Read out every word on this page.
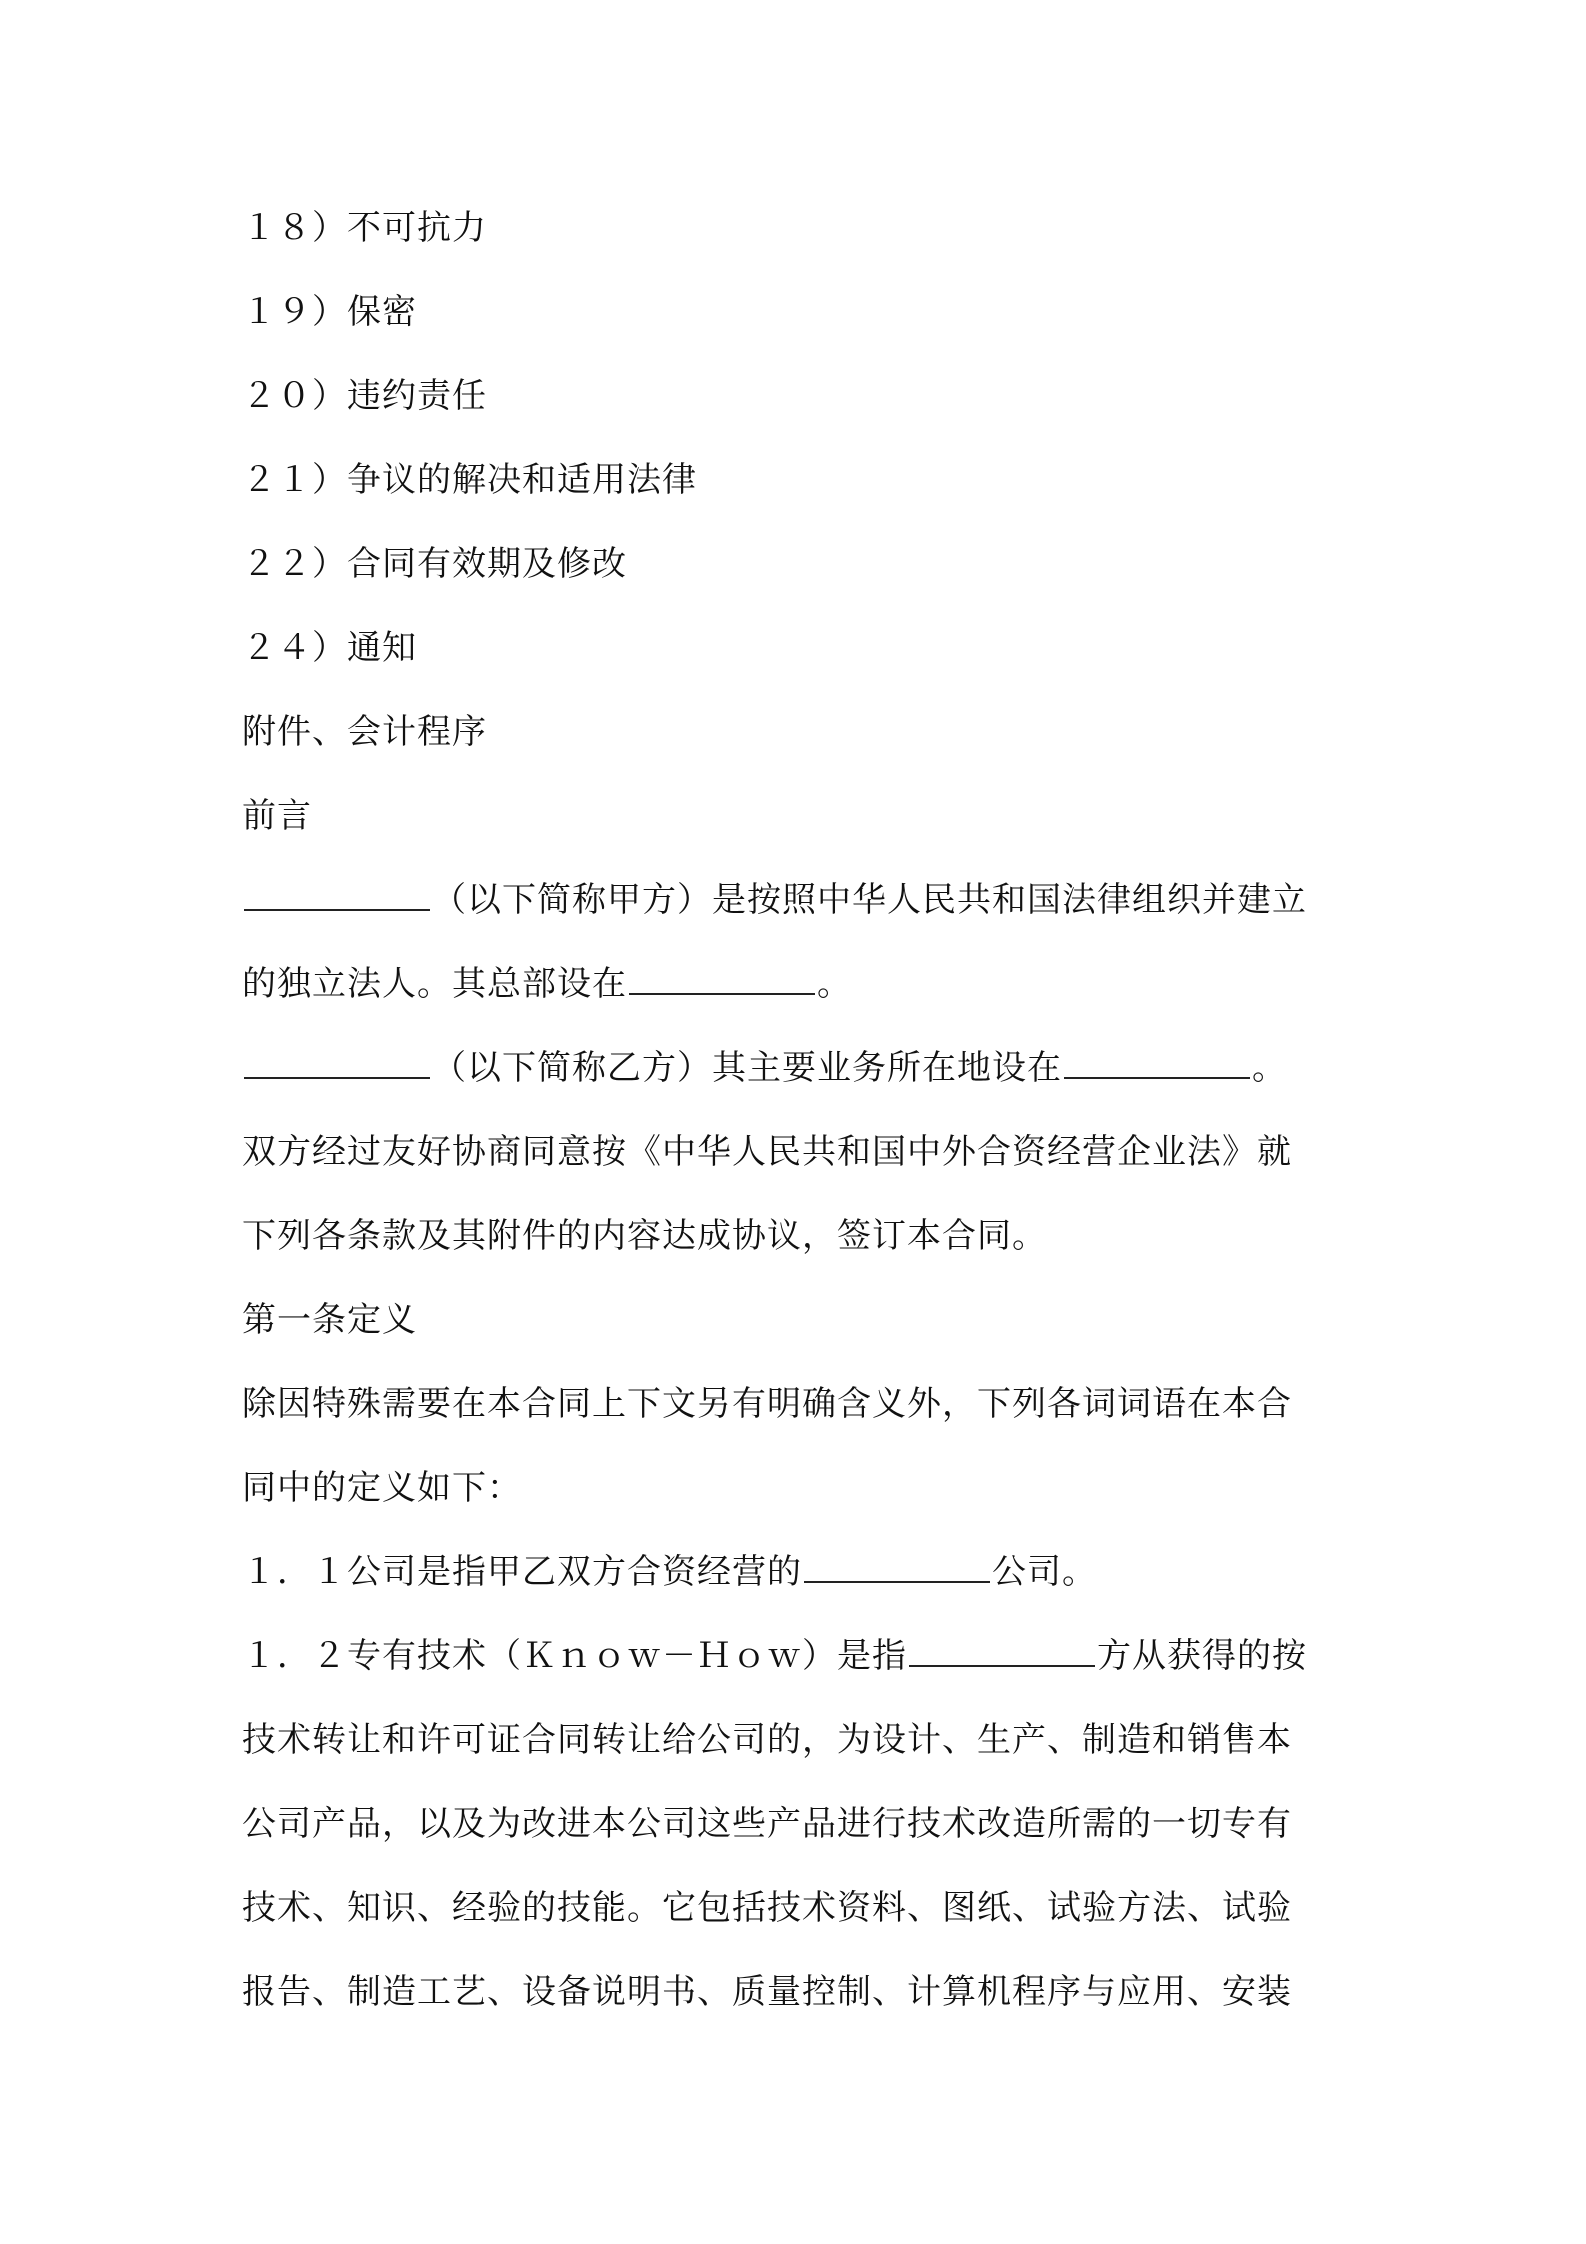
１８）不可抗力
１９）保密
２０）违约责任
２１）争议的解决和适用法律
２２）合同有效期及修改
２４）通知
附件、会计程序
前言
（以下简称甲方）是按照中华人民共和国法律组织并建立
的独立法人。其总部设在	。
（以下简称乙方）其主要业务所在地设在	。
双方经过友好协商同意按《中华人民共和国中外合资经营企业法》就
下列各条款及其附件的内容达成协议，签订本合同。
第一条定义
除因特殊需要在本合同上下文另有明确含义外，下列各词词语在本合
同中的定义如下：
１．１公司是指甲乙双方合资经营的	公司。
１．２专有技术（Ｋｎｏｗ－Ｈｏｗ）是指	方从获得的按
技术转让和许可证合同转让给公司的，为设计、生产、制造和销售本
公司产品，以及为改进本公司这些产品进行技术改造所需的一切专有
技术、知识、经验的技能。它包括技术资料、图纸、试验方法、试验
报告、制造工艺、设备说明书、质量控制、计算机程序与应用、安装
